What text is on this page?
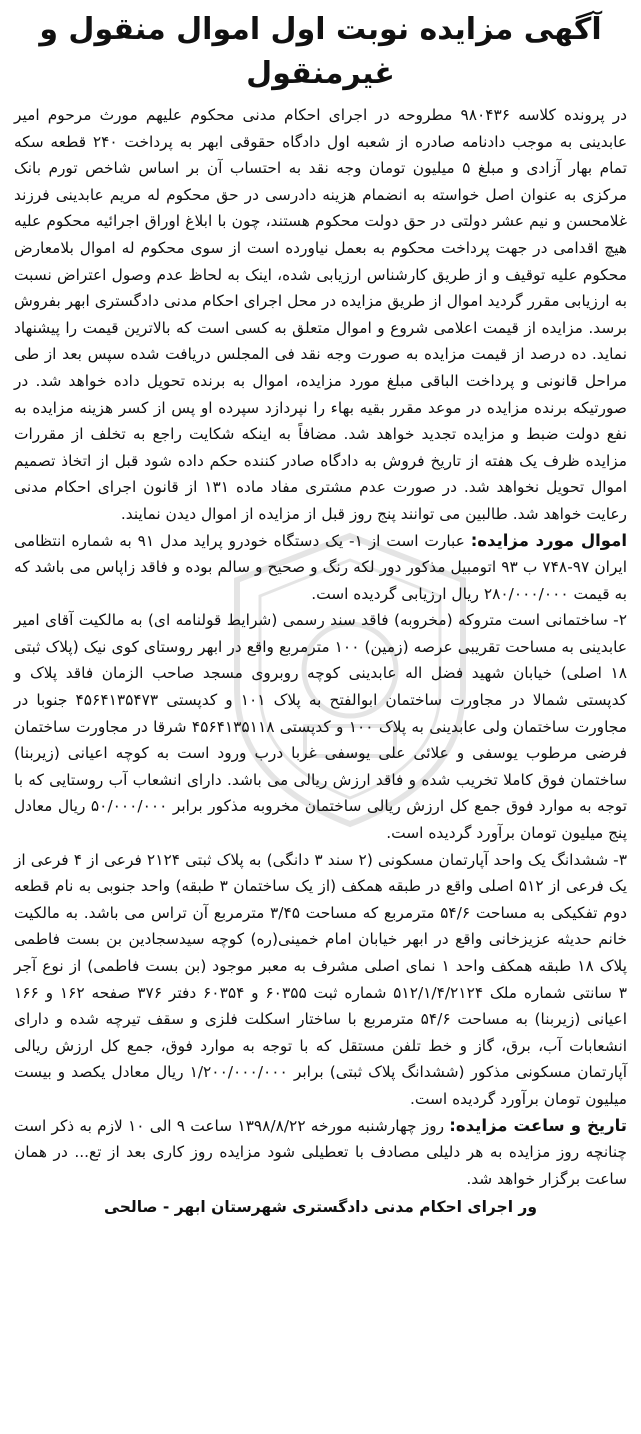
آگهی مزایده نوبت اول اموال منقول و غیرمنقول

در پرونده کلاسه ۹۸۰۴۳۶ مطروحه در اجرای احکام مدنی محکوم علیهم مورث مرحوم امیر عابدینی به موجب دادنامه صادره از شعبه اول دادگاه حقوقی ابهر به پرداخت ۲۴۰ قطعه سکه تمام بهار آزادی و مبلغ ۵ میلیون تومان وجه نقد به احتساب آن بر اساس شاخص تورم بانک مرکزی به عنوان اصل خواسته به انضمام هزینه دادرسی در حق محکوم له مریم عابدینی فرزند غلامحسن و نیم عشر دولتی در حق دولت محکوم هستند، چون با ابلاغ اوراق اجرائیه محکوم علیه هیچ اقدامی در جهت پرداخت محکوم به بعمل نیاورده است از سوی محکوم له اموال بلامعارض محکوم علیه توقیف و از طریق کارشناس ارزیابی شده، اینک به لحاظ عدم وصول اعتراض نسبت به ارزیابی مقرر گردید اموال از طریق مزایده در محل اجرای احکام مدنی دادگستری ابهر بفروش برسد. مزایده از قیمت اعلامی شروع و اموال متعلق به کسی است که بالاترین قیمت را پیشنهاد نماید. ده درصد از قیمت مزایده به صورت وجه نقد فی المجلس دریافت شده سپس بعد از طی مراحل قانونی و پرداخت الباقی مبلغ مورد مزایده، اموال به برنده تحویل داده خواهد شد. در صورتیکه برنده مزایده در موعد مقرر بقیه بهاء را نپردازد سپرده او پس از کسر هزینه مزایده به نفع دولت ضبط و مزایده تجدید خواهد شد. مضافاً به اینکه شکایت راجع به تخلف از مقررات مزایده ظرف یک هفته از تاریخ فروش به دادگاه صادر کننده حکم داده شود قبل از اتخاذ تصمیم اموال تحویل نخواهد شد. در صورت عدم مشتری مفاد ماده ۱۳۱ از قانون اجرای احکام مدنی رعایت خواهد شد. طالبین می توانند پنج روز قبل از مزایده از اموال دیدن نمایند.

اموال مورد مزایده: عبارت است از ۱- یک دستگاه خودرو پراید مدل ۹۱ به شماره انتظامی ایران ۹۷-۷۴۸ ب ۹۳ اتومبیل مذکور دور لکه رنگ و صحیح و سالم بوده و فاقد زاپاس می باشد که به قیمت ۲۸۰/۰۰۰/۰۰۰ ریال ارزیابی گردیده است.

۲- ساختمانی است متروکه (مخروبه) فاقد سند رسمی (شرایط قولنامه ای) به مالکیت آقای امیر عابدینی به مساحت تقریبی عرصه (زمین) ۱۰۰ مترمربع واقع در ابهر روستای کوی نیک (پلاک ثبتی ۱۸ اصلی) خیابان شهید فضل اله عابدینی کوچه روبروی مسجد صاحب الزمان فاقد پلاک و کدپستی شمالا در مجاورت ساختمان ابوالفتح به پلاک ۱۰۱ و کدپستی ۴۵۶۴۱۳۵۴۷۳ جنوبا در مجاورت ساختمان ولی عابدینی به پلاک ۱۰۰ و کدپستی ۴۵۶۴۱۳۵۱۱۸ شرقا در مجاورت ساختمان فرضی مرطوب یوسفی و علائی علی یوسفی غربا درب ورود است به کوچه اعیانی (زیربنا) ساختمان فوق کاملا تخریب شده و فاقد ارزش ریالی می باشد. دارای انشعاب آب روستایی که با توجه به موارد فوق جمع کل ارزش ریالی ساختمان مخروبه مذکور برابر ۵۰/۰۰۰/۰۰۰ ریال معادل پنج میلیون تومان برآورد گردیده است.

۳- ششدانگ یک واحد آپارتمان مسکونی (۲ سند ۳ دانگی) به پلاک ثبتی ۲۱۲۴ فرعی از ۴ فرعی از یک فرعی از ۵۱۲ اصلی واقع در طبقه همکف (از یک ساختمان ۳ طبقه) واحد جنوبی به نام قطعه دوم تفکیکی به مساحت ۵۴/۶ مترمربع که مساحت ۳/۴۵ مترمربع آن تراس می باشد. به مالکیت خانم حدیثه عزیزخانی واقع در ابهر خیابان امام خمینی(ره) کوچه سیدسجادین بن بست فاطمی پلاک ۱۸ طبقه همکف واحد ۱ نمای اصلی مشرف به معبر موجود (بن بست فاطمی) از نوع آجر ۳ سانتی شماره ملک ۵۱۲/۱/۴/۲۱۲۴ شماره ثبت ۶۰۳۵۵ و ۶۰۳۵۴ دفتر ۳۷۶ صفحه ۱۶۲ و ۱۶۶ اعیانی (زیربنا) به مساحت ۵۴/۶ مترمربع با ساختار اسکلت فلزی و سقف تیرچه شده و دارای انشعابات آب، برق، گاز و خط تلفن مستقل که با توجه به موارد فوق، جمع کل ارزش ریالی آپارتمان مسکونی مذکور (ششدانگ پلاک ثبتی) برابر ۱/۲۰۰/۰۰۰/۰۰۰ ریال معادل یکصد و بیست میلیون تومان برآورد گردیده است.

تاریخ و ساعت مزایده: روز چهارشنبه مورخه ۱۳۹۸/۸/۲۲ ساعت ۹ الی ۱۰ لازم به ذکر است چنانچه روز مزایده به هر دلیلی مصادف با تعطیلی شود مزایده روز کاری بعد از تع... در همان ساعت برگزار خواهد شد.

ور اجرای احکام مدنی دادگستری شهرستان ابهر - صالحی
